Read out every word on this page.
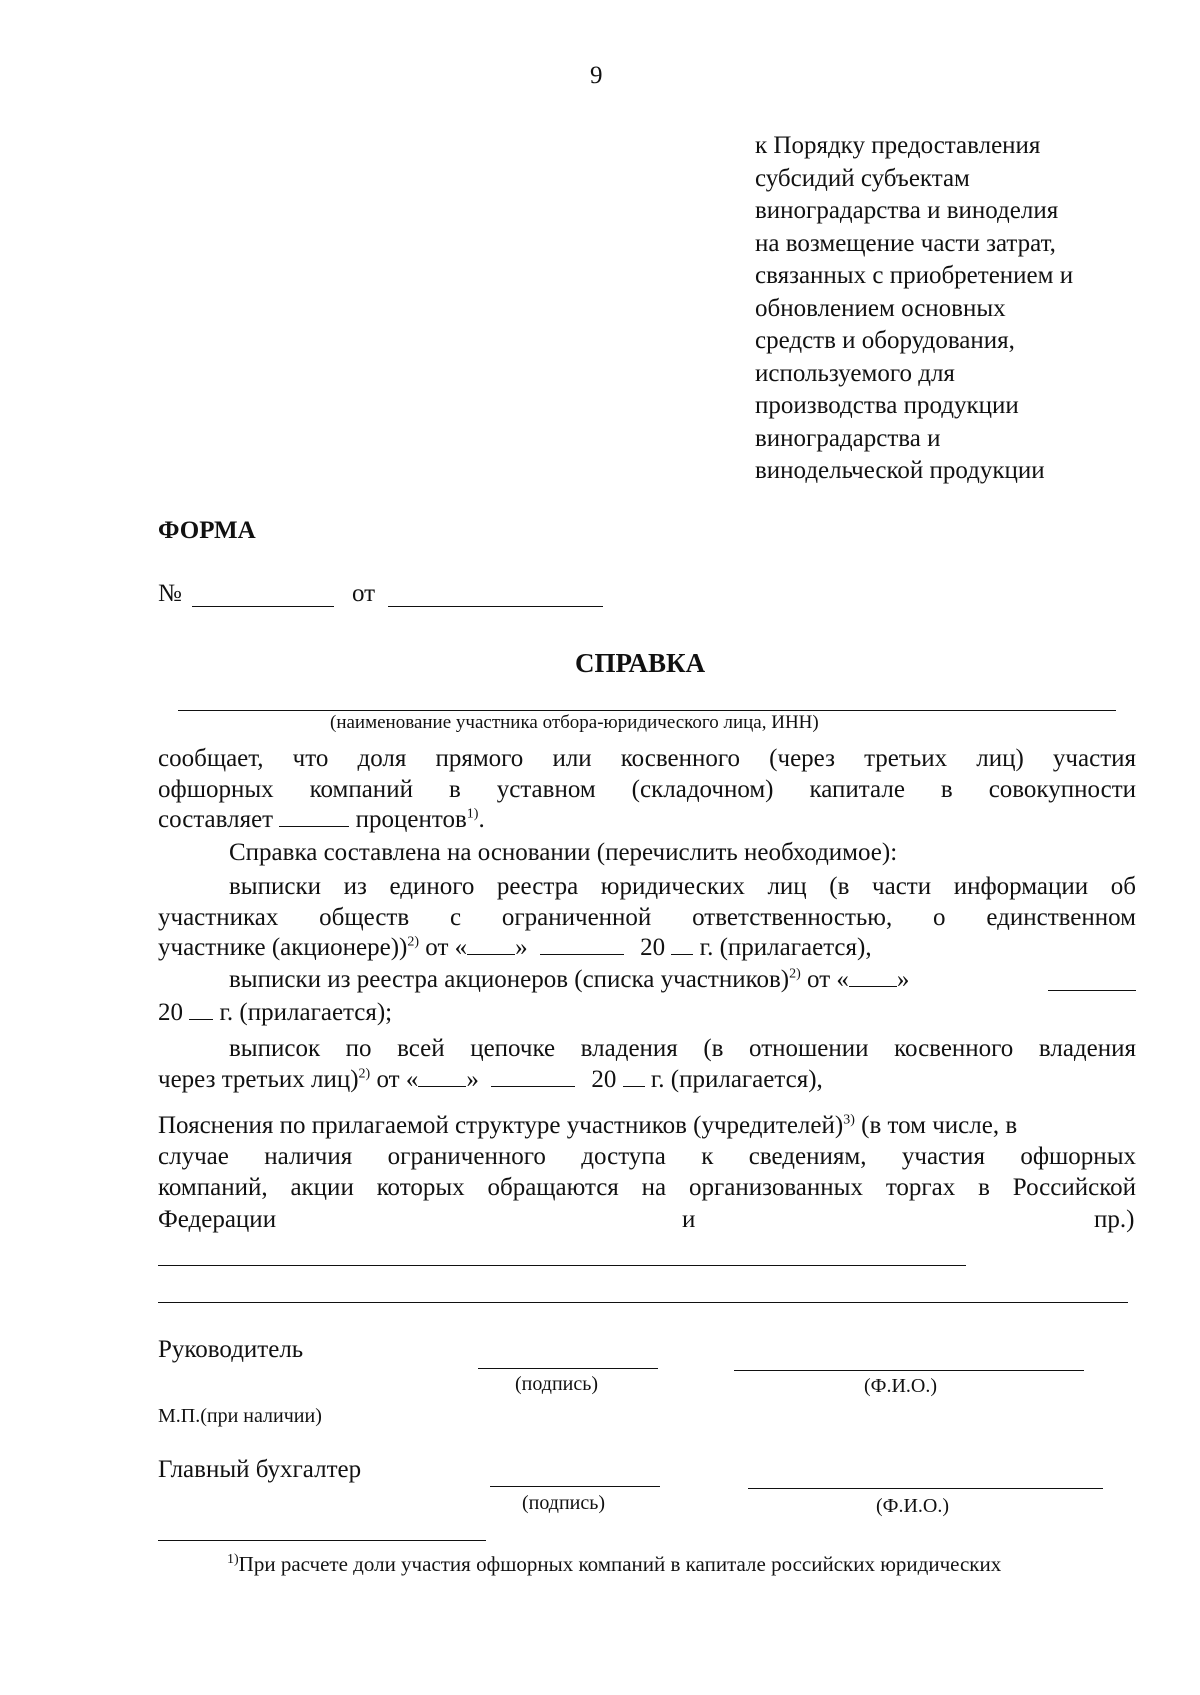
9
к Порядку предоставления
субсидий субъектам
виноградарства и виноделия
на возмещение части затрат,
связанных с приобретением и
обновлением основных
средств и оборудования,
используемого для
производства продукции
виноградарства и
винодельческой продукции
ФОРМА
№	от
СПРАВКА
(наименование участника отбора-юридического лица, ИНН)
сообщает, что доля прямого или косвенного (через третьих лиц) участия
офшорных компаний в уставном (складочном) капитале в совокупности
составляет	процентов$^{1)}$.
Справка составлена на основании (перечислить необходимое):
выписки из единого реестра юридических лиц (в части информации об
участниках обществ с ограниченной ответственностью, о единственном
участнике (акционере))$^{2)}$ от « »	20 г. (прилагается),
выписки из реестра акционеров (списка участников)$^{2)}$ от « »
20 г. (прилагается);
выписок по всей цепочке владения (в отношении косвенного владения
через третьих лиц)$^{2)}$ от « »	20 г. (прилагается),
Пояснения по прилагаемой структуре участников (учредителей)$^{3)}$ (в том числе, в
случае наличия ограниченного доступа к сведениям, участия офшорных
компаний, акции которых обращаются на организованных торгах в Российской
Федерации	и	пр.)
Руководитель
(подпись)	(Ф.И.О.)
М.П.(при наличии)
Главный бухгалтер
(подпись)	(Ф.И.О.)
$^{1)}$При расчете доли участия офшорных компаний в капитале российских юридических
